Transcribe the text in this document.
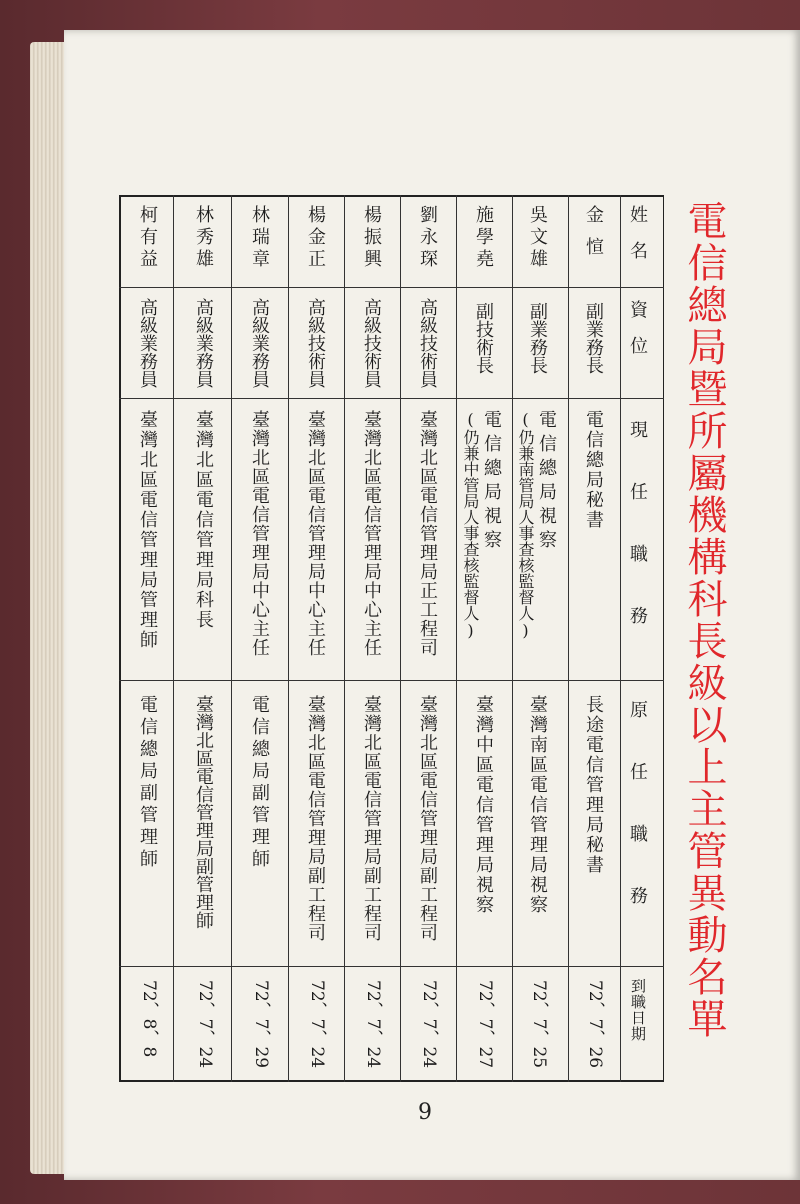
電信總局暨所屬機構科長級以上主管異動名單
姓名
資位
現任職務
原任職務
到職日期
金愃
副業務長
電信總局秘書
長途電信管理局秘書
72、7、26
吳文雄
副業務長
電信總局視察
(仍兼南管局人事查核監督人)
臺灣南區電信管理局視察
72、7、25
施學堯
副技術長
電信總局視察
(仍兼中管局人事查核監督人)
臺灣中區電信管理局視察
72、7、27
劉永琛
高級技術員
臺灣北區電信管理局正工程司
臺灣北區電信管理局副工程司
72、7、24
楊振興
高級技術員
臺灣北區電信管理局中心主任
臺灣北區電信管理局副工程司
72、7、24
楊金正
高級技術員
臺灣北區電信管理局中心主任
臺灣北區電信管理局副工程司
72、7、24
林瑞章
高級業務員
臺灣北區電信管理局中心主任
電信總局副管理師
72、7、29
林秀雄
高級業務員
臺灣北區電信管理局科長
臺灣北區電信管理局副管理師
72、7、24
柯有益
高級業務員
臺灣北區電信管理局管理師
電信總局副管理師
72、8、8
9
